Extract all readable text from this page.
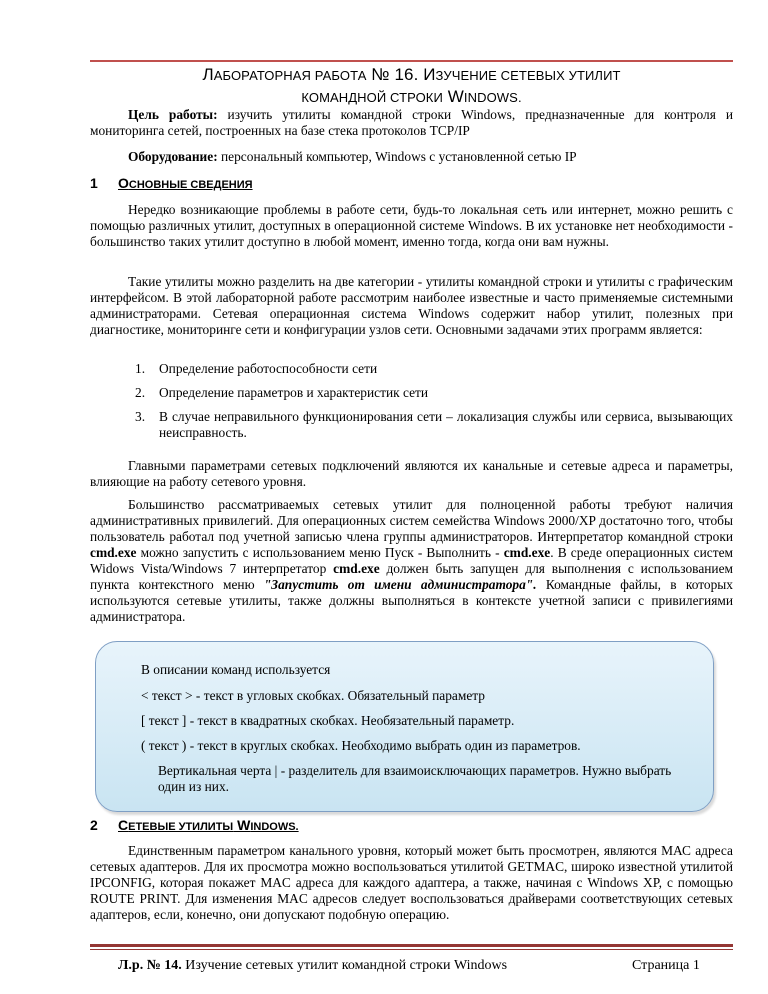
ЛАБОРАТОРНАЯ РАБОТА № 16. ИЗУЧЕНИЕ СЕТЕВЫХ УТИЛИТ
КОМАНДНОЙ СТРОКИ WINDOWS.
Цель работы: изучить утилиты командной строки Windows, предназначенные для контроля и мониторинга сетей, построенных на базе стека протоколов TCP/IP
Оборудование: персональный компьютер, Windows с установленной сетью IP
1 ОСНОВНЫЕ СВЕДЕНИЯ
Нередко возникающие проблемы в работе сети, будь-то локальная сеть или интернет, можно решить с помощью различных утилит, доступных в операционной системе Windows. В их установке нет необходимости - большинство таких утилит доступно в любой момент, именно тогда, когда они вам нужны.
Такие утилиты можно разделить на две категории - утилиты командной строки и утилиты с графическим интерфейсом. В этой лабораторной работе рассмотрим наиболее известные и часто применяемые системными администраторами. Сетевая операционная система Windows содержит набор утилит, полезных при диагностике, мониторинге сети и конфигурации узлов сети. Основными задачами этих программ является:
1. Определение работоспособности сети
2. Определение параметров и характеристик сети
3. В случае неправильного функционирования сети – локализация службы или сервиса, вызывающих неисправность.
Главными параметрами сетевых подключений являются их канальные и сетевые адреса и параметры, влияющие на работу сетевого уровня.
Большинство рассматриваемых сетевых утилит для полноценной работы требуют наличия административных привилегий. Для операционных систем семейства Windows 2000/XP достаточно того, чтобы пользователь работал под учетной записью члена группы администраторов. Интерпретатор командной строки cmd.exe можно запустить с использованием меню Пуск - Выполнить - cmd.exe. В среде операционных систем Widows Vista/Windows 7 интерпретатор cmd.exe должен быть запущен для выполнения с использованием пункта контекстного меню "Запустить от имени администратора". Командные файлы, в которых используются сетевые утилиты, также должны выполняться в контексте учетной записи с привилегиями администратора.
В описании команд используется
< текст > - текст в угловых скобках. Обязательный параметр
[ текст ] - текст в квадратных скобках. Необязательный параметр.
( текст ) - текст в круглых скобках. Необходимо выбрать один из параметров.
Вертикальная черта | - разделитель для взаимоисключающих параметров. Нужно выбрать один из них.
2 СЕТЕВЫЕ УТИЛИТЫ WINDOWS.
Единственным параметром канального уровня, который может быть просмотрен, являются МАС адреса сетевых адаптеров. Для их просмотра можно воспользоваться утилитой GETMAC, широко известной утилитой IPCONFIG, которая покажет MAC адреса для каждого адаптера, а также, начиная с Windows XP, с помощью ROUTE PRINT. Для изменения MAC адресов следует воспользоваться драйверами соответствующих сетевых адаптеров, если, конечно, они допускают подобную операцию.
Л.р. № 14. Изучение сетевых утилит командной строки Windows	Страница 1
